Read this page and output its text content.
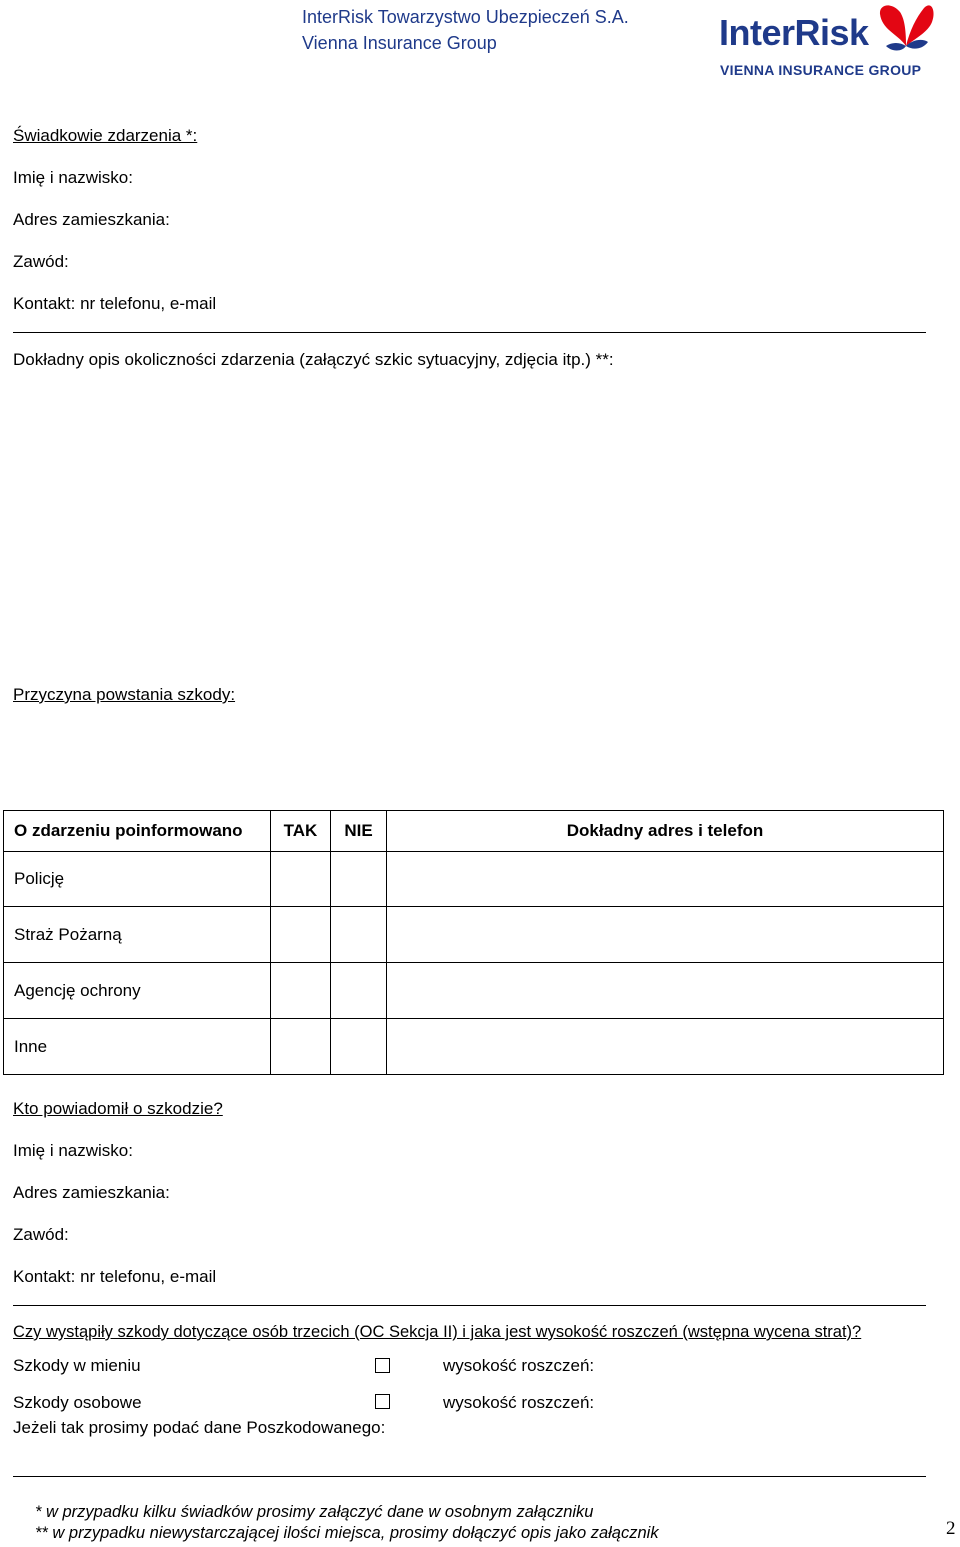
InterRisk Towarzystwo Ubezpieczeń S.A.
Vienna Insurance Group	InterRisk
VIENNA INSURANCE GROUP
Świadkowie zdarzenia *:
Imię i nazwisko:
Adres zamieszkania:
Zawód:
Kontakt: nr telefonu, e-mail
Dokładny opis okoliczności zdarzenia (załączyć szkic sytuacyjny, zdjęcia itp.) **:
Przyczyna powstania szkody:
O zdarzeniu poinformowano	TAK	NIE	Dokładny adres i telefon
Policję			
Straż Pożarną			
Agencję ochrony			
Inne			
Kto powiadomił o szkodzie?
Imię i nazwisko:
Adres zamieszkania:
Zawód:
Kontakt: nr telefonu, e-mail
Czy wystąpiły szkody dotyczące osób trzecich (OC Sekcja II) i jaka jest wysokość roszczeń (wstępna wycena strat)?
Szkody w mieniu	wysokość roszczeń:
Szkody osobowe	wysokość roszczeń:
Jeżeli tak prosimy podać dane Poszkodowanego:
* w przypadku kilku świadków prosimy załączyć dane w osobnym załączniku
** w przypadku niewystarczającej ilości miejsca, prosimy dołączyć opis jako załącznik	2
